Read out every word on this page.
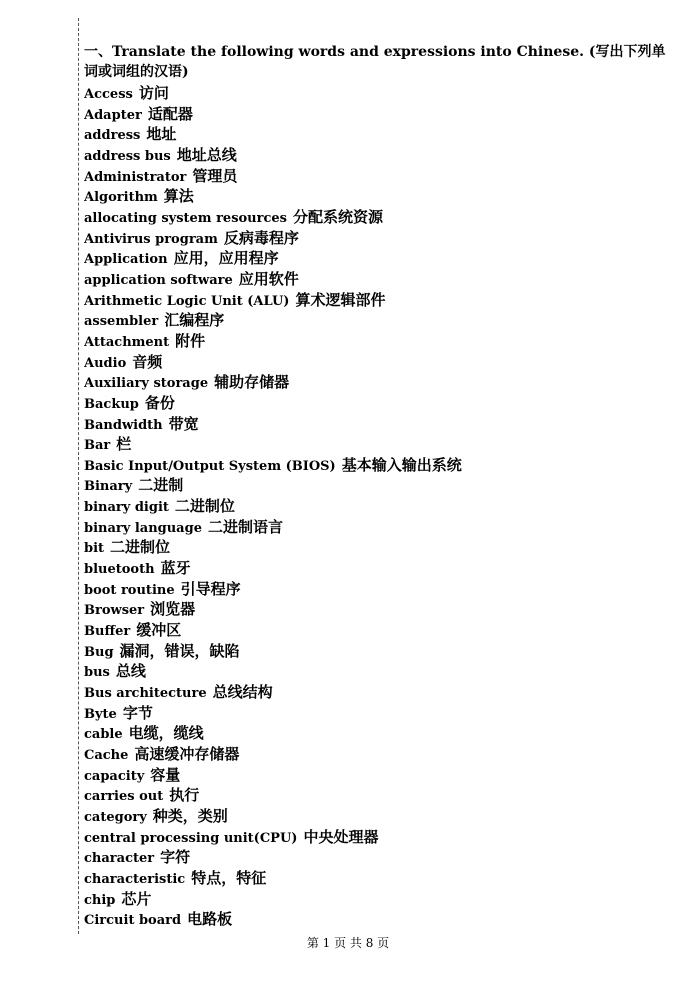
一、Translate the following words and expressions into Chinese. (写出下列单词或词组的汉语)
Access 访问
Adapter 适配器
address 地址
address bus 地址总线
Administrator 管理员
Algorithm 算法
allocating system resources 分配系统资源
Antivirus program 反病毒程序
Application 应用，应用程序
application software 应用软件
Arithmetic Logic Unit (ALU) 算术逻辑部件
assembler 汇编程序
Attachment 附件
Audio 音频
Auxiliary storage 辅助存储器
Backup 备份
Bandwidth 带宽
Bar 栏
Basic Input/Output System (BIOS) 基本输入输出系统
Binary 二进制
binary digit 二进制位
binary language 二进制语言
bit 二进制位
bluetooth 蓝牙
boot routine 引导程序
Browser 浏览器
Buffer 缓冲区
Bug 漏洞，错误，缺陷
bus 总线
Bus architecture 总线结构
Byte 字节
cable 电缆，缆线
Cache 高速缓冲存储器
capacity 容量
carries out 执行
category 种类，类别
central processing unit(CPU) 中央处理器
character 字符
characteristic 特点，特征
chip 芯片
Circuit board 电路板
第 1 页 共 8 页
